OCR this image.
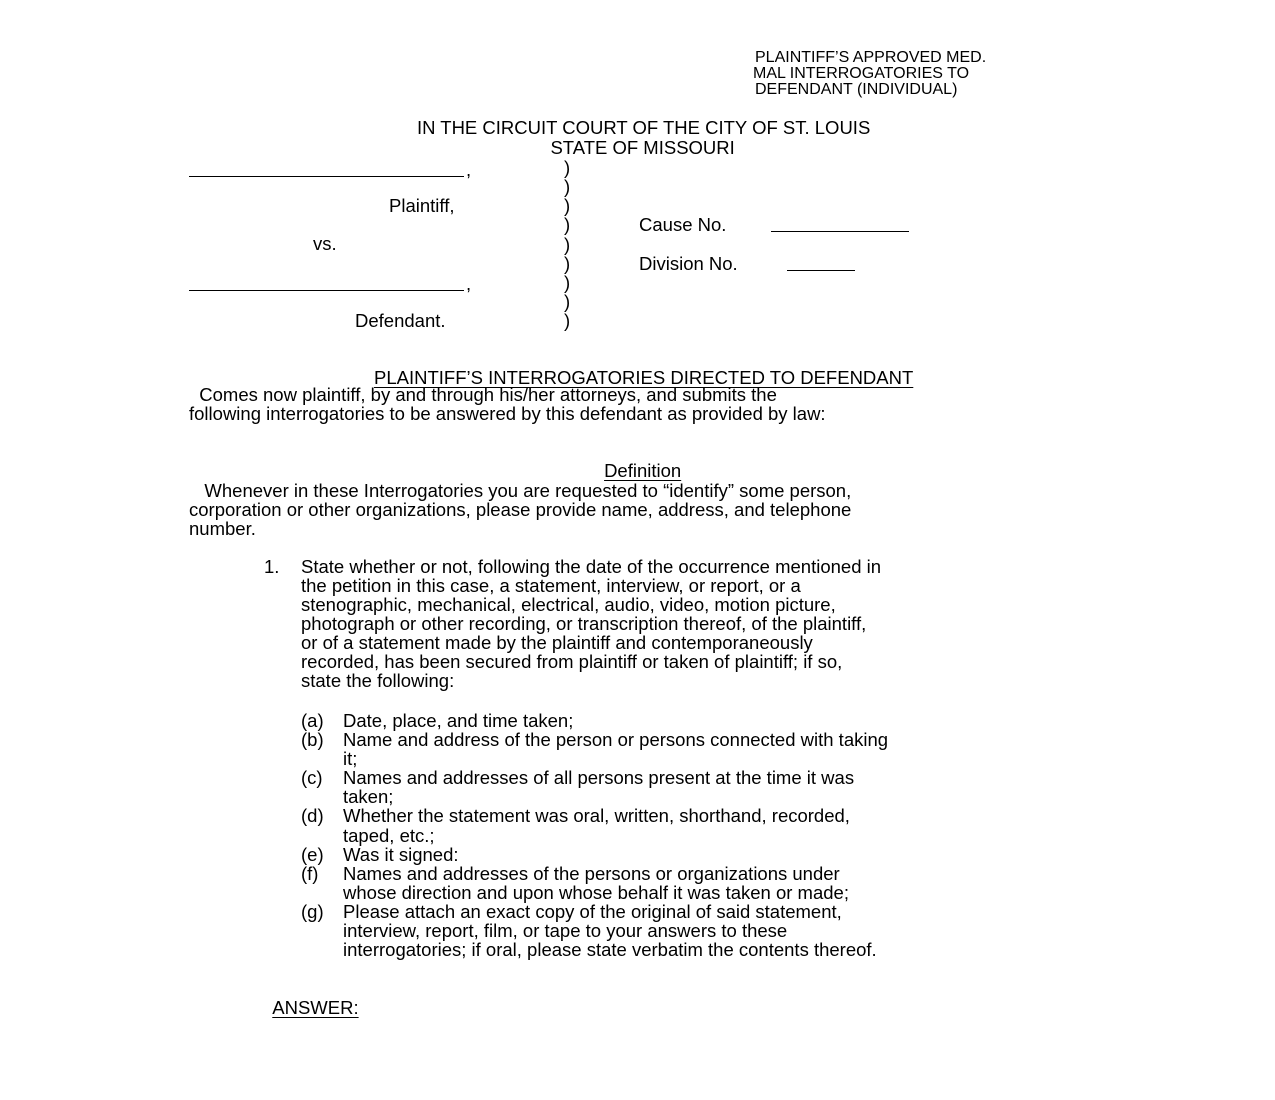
PLAINTIFF’S APPROVED MED.
MAL INTERROGATORIES TO
DEFENDANT (INDIVIDUAL)

IN THE CIRCUIT COURT OF THE CITY OF ST. LOUIS

STATE OF MISSOURI

,
Plaintiff,
vs.
,
Defendant.
)
)
)
)
)
)
)
)
)
Cause No.
Division No.

PLAINTIFF’S INTERROGATORIES DIRECTED TO DEFENDANT

Comes now plaintiff, by and through his/her attorneys, and submits the
following interrogatories to be answered by this defendant as provided by law:

Definition

Whenever in these Interrogatories you are requested to “identify” some person,
corporation or other organizations, please provide name, address, and telephone
number.
1. State whether or not, following the date of the occurrence mentioned in
the petition in this case, a statement, interview, or report, or a
stenographic, mechanical, electrical, audio, video, motion picture,
photograph or other recording, or transcription thereof, of the plaintiff,
or of a statement made by the plaintiff and contemporaneously
recorded, has been secured from plaintiff or taken of plaintiff; if so,
state the following:
(a) Date, place, and time taken;
(b) Name and address of the person or persons connected with taking
it;
(c) Names and addresses of all persons present at the time it was
taken;
(d) Whether the statement was oral, written, shorthand, recorded,
taped, etc.;
(e) Was it signed:
(f) Names and addresses of the persons or organizations under
whose direction and upon whose behalf it was taken or made;
(g) Please attach an exact copy of the original of said statement,
interview, report, film, or tape to your answers to these
interrogatories; if oral, please state verbatim the contents thereof.

ANSWER:
